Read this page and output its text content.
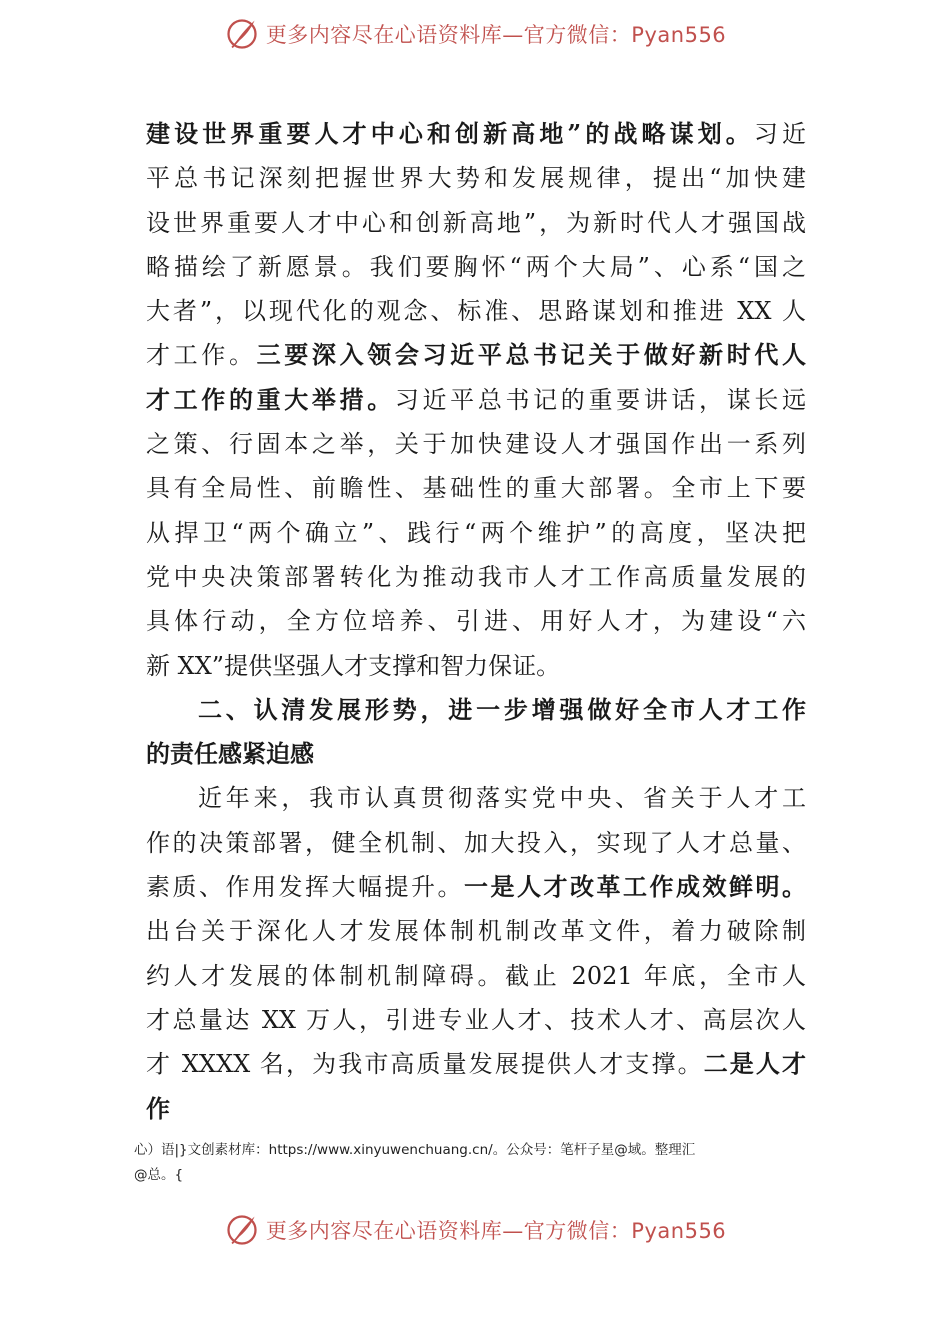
更多内容尽在心语资料库—官方微信：Pyan556
建设世界重要人才中心和创新高地”的战略谋划。习近
平总书记深刻把握世界大势和发展规律，提出“加快建
设世界重要人才中心和创新高地”，为新时代人才强国战
略描绘了新愿景。我们要胸怀“两个大局”、心系“国之
大者”，以现代化的观念、标准、思路谋划和推进 XX 人
才工作。三要深入领会习近平总书记关于做好新时代人
才工作的重大举措。习近平总书记的重要讲话，谋长远
之策、行固本之举，关于加快建设人才强国作出一系列
具有全局性、前瞻性、基础性的重大部署。全市上下要
从捍卫“两个确立”、践行“两个维护”的高度，坚决把
党中央决策部署转化为推动我市人才工作高质量发展的
具体行动，全方位培养、引进、用好人才，为建设“六
新 XX”提供坚强人才支撑和智力保证。
二、认清发展形势，进一步增强做好全市人才工作
的责任感紧迫感
近年来，我市认真贯彻落实党中央、省关于人才工
作的决策部署，健全机制、加大投入，实现了人才总量、
素质、作用发挥大幅提升。一是人才改革工作成效鲜明。
出台关于深化人才发展体制机制改革文件，着力破除制
约人才发展的体制机制障碍。截止 2021 年底，全市人
才总量达 XX 万人，引进专业人才、技术人才、高层次人
才 XXXX 名，为我市高质量发展提供人才支撑。二是人才
作
心）语|}文创素材库：https://www.xinyuwenchuang.cn/。公众号：笔杆子星@域。整理汇
@总。{
更多内容尽在心语资料库—官方微信：Pyan556
